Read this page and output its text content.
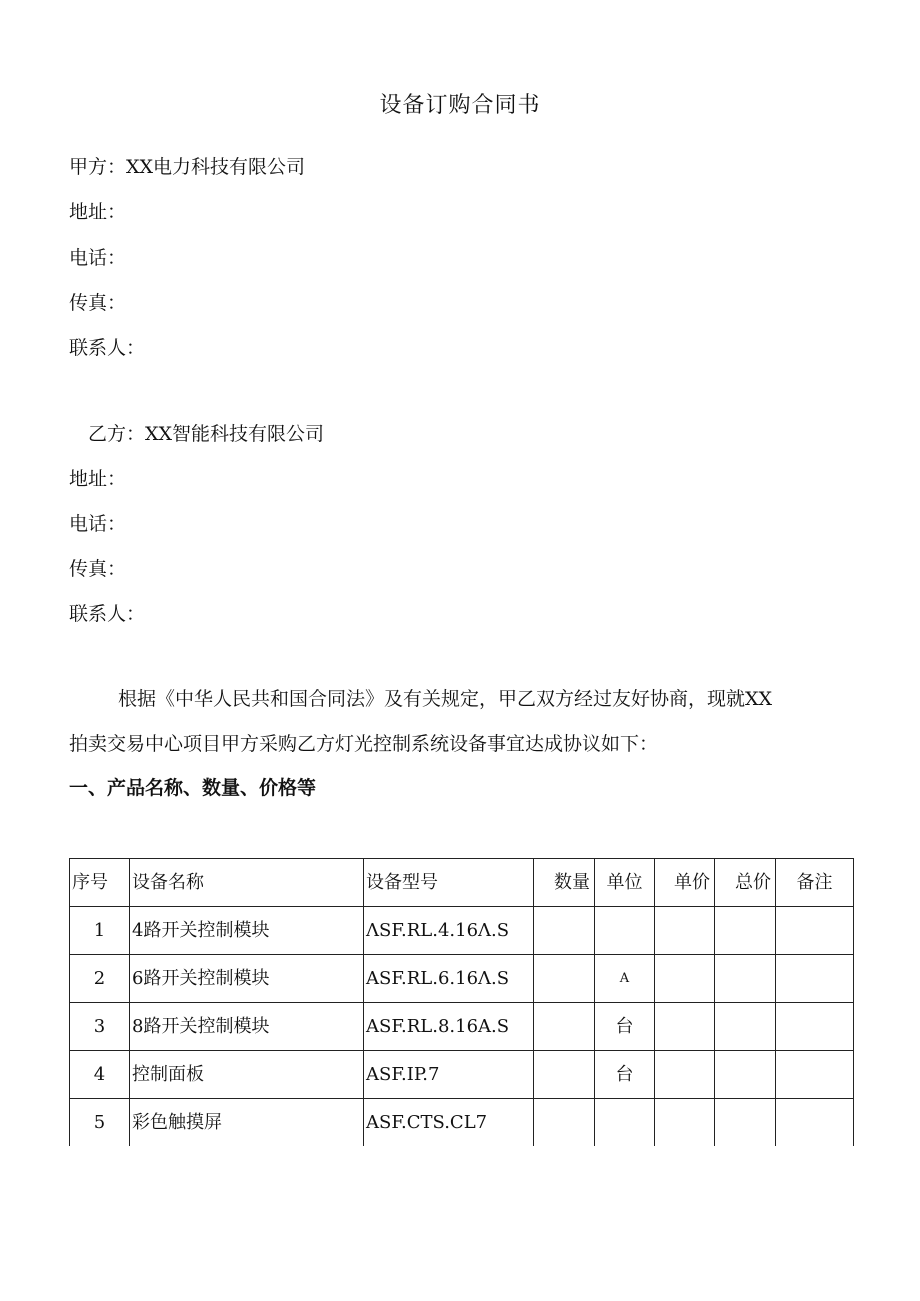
设备订购合同书
甲方：XX电力科技有限公司
地址：
电话：
传真：
联系人：
乙方：XX智能科技有限公司
地址：
电话：
传真：
联系人：
根据《中华人民共和国合同法》及有关规定，甲乙双方经过友好协商，现就XX
拍卖交易中心项目甲方采购乙方灯光控制系统设备事宜达成协议如下：
一、产品名称、数量、价格等
序号	设备名称	设备型号	数量	单位	单价	总价	备注
1	4路开关控制模块	ΛSF.RL.4.16Λ.S					
2	6路开关控制模块	ASF.RL.6.16Λ.S		A			
3	8路开关控制模块	ASF.RL.8.16A.S		台			
4	控制面板	ASF.IP.7		台			
5	彩色触摸屏	ASF.CTS.CL7					
